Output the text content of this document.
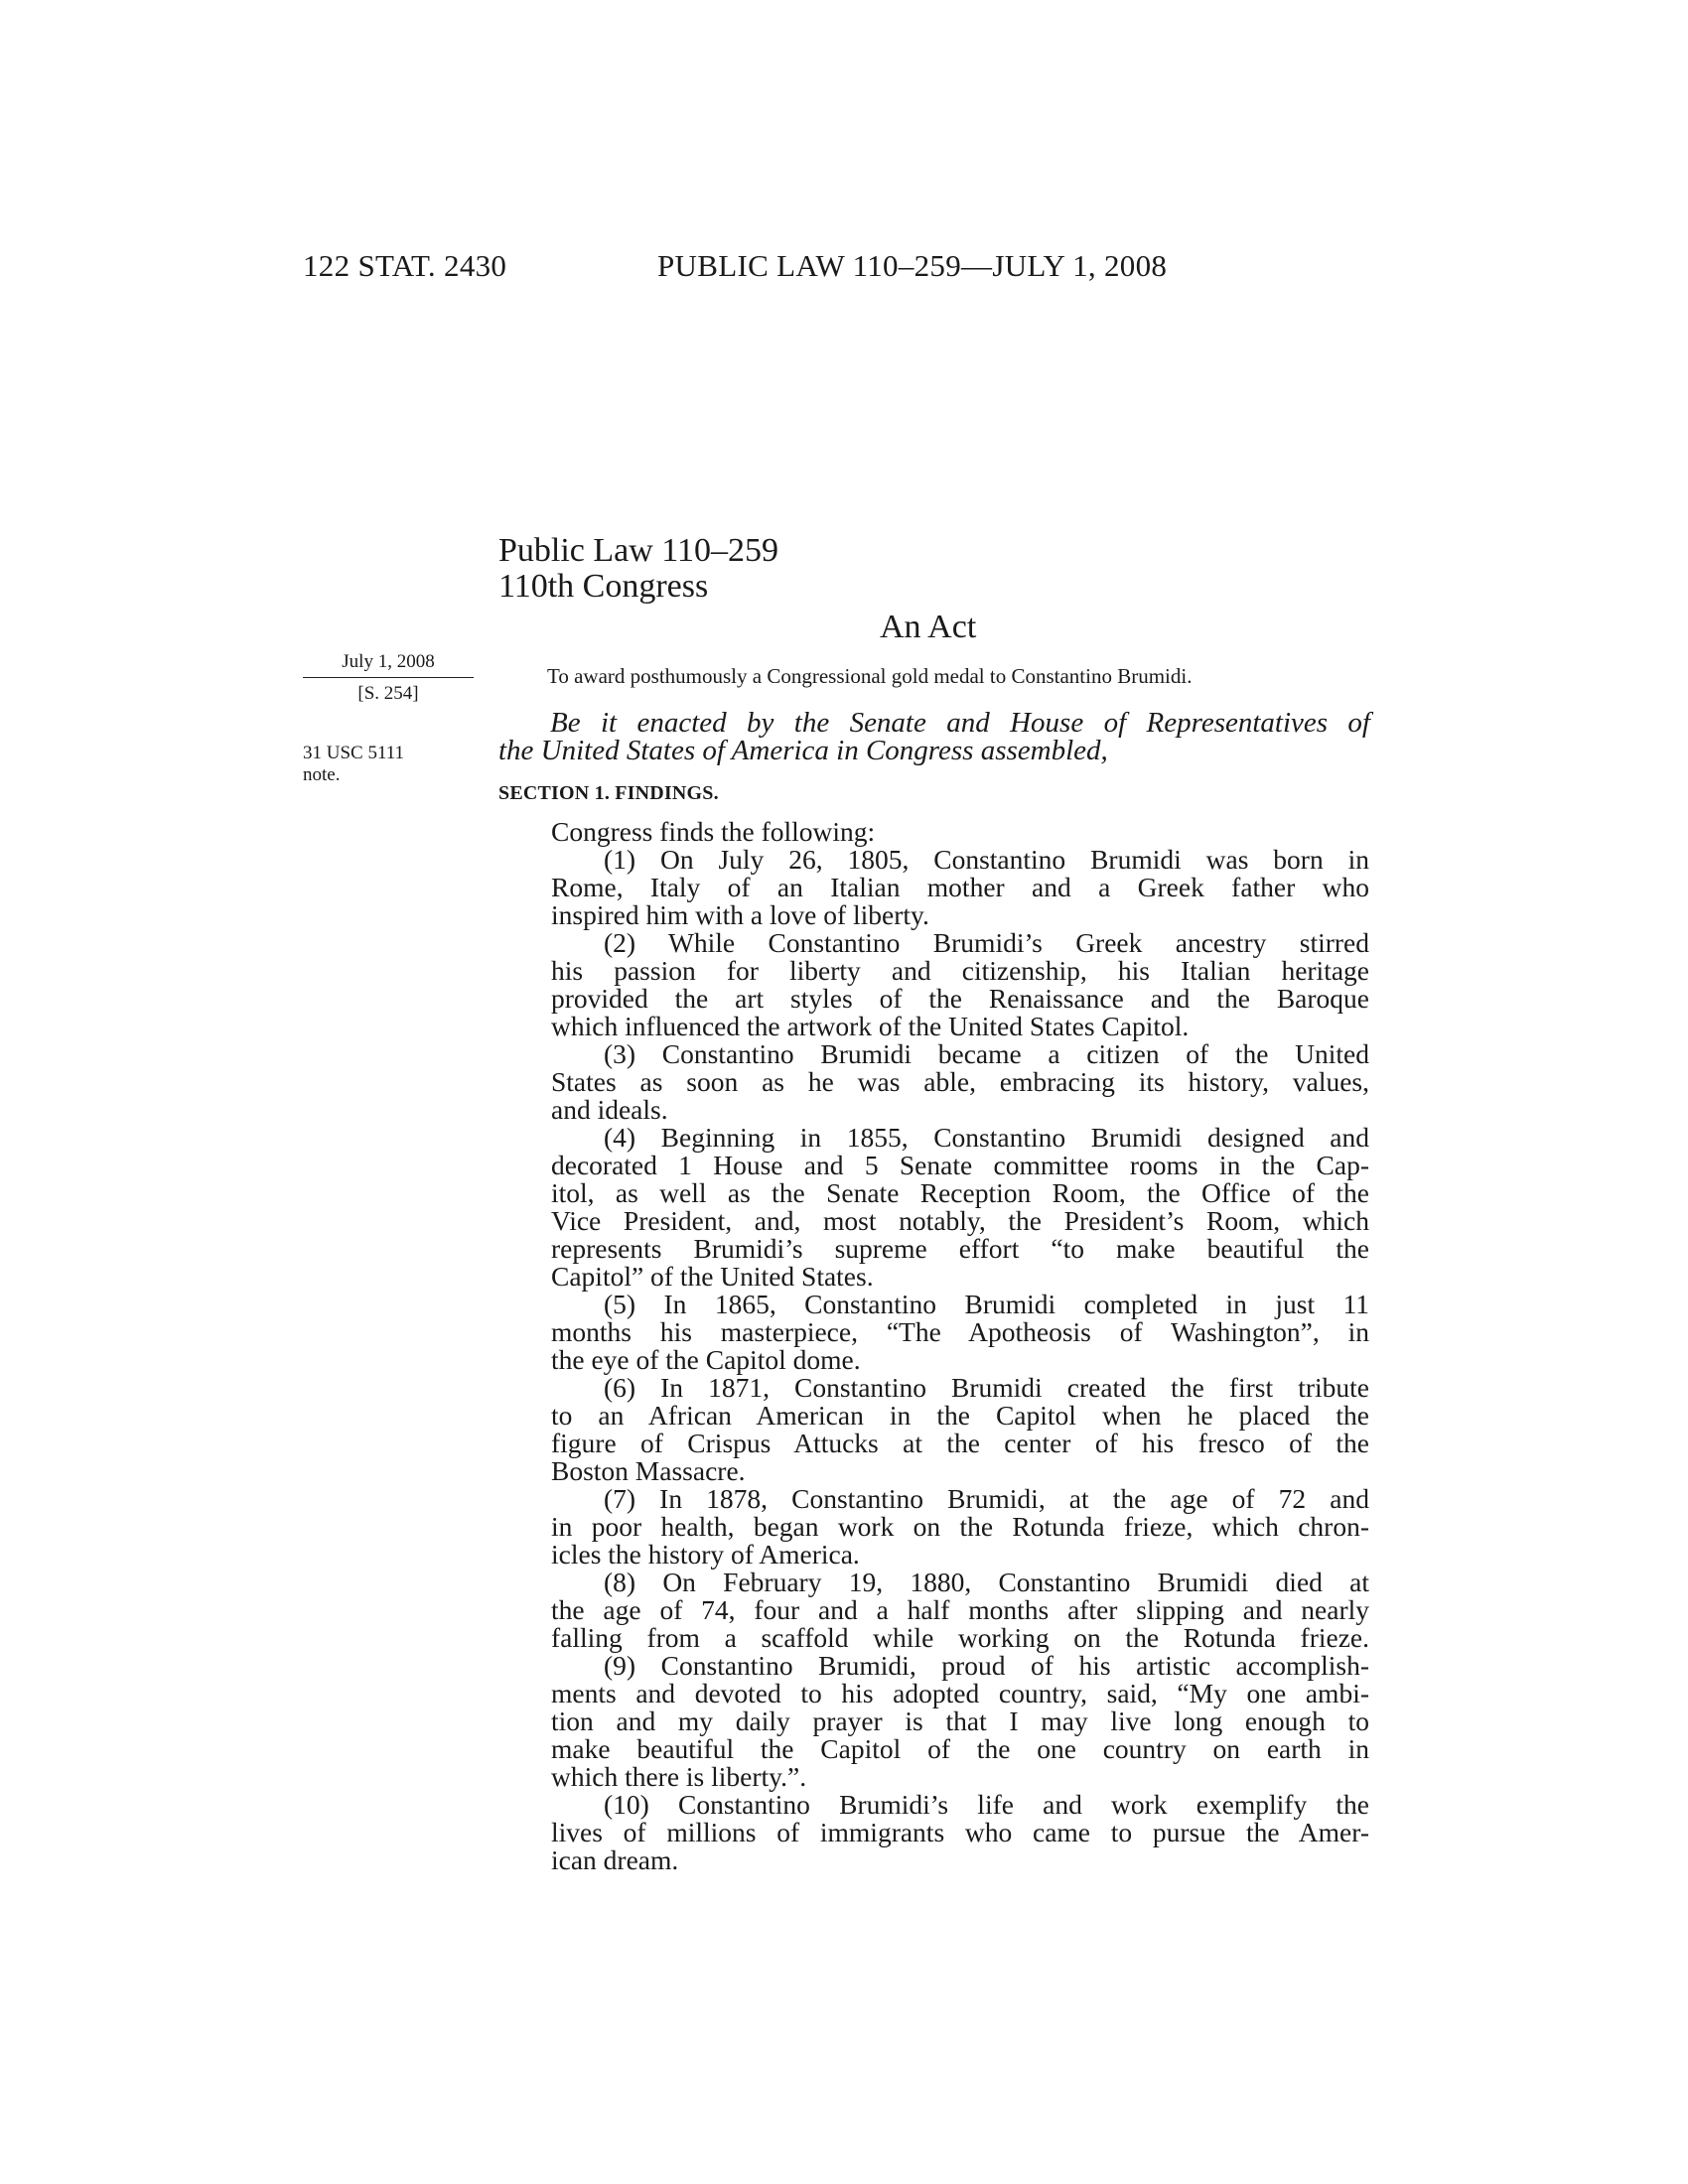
122 STAT. 2430	PUBLIC LAW 110–259—JULY 1, 2008
Public Law 110–259
110th Congress
An Act
July 1, 2008
[S. 254]
31 USC 5111
note.
To award posthumously a Congressional gold medal to Constantino Brumidi.
Be it enacted by the Senate and House of Representatives of
the United States of America in Congress assembled,
SECTION 1. FINDINGS.

Congress finds the following:

(1) On July 26, 1805, Constantino Brumidi was born in
Rome, Italy of an Italian mother and a Greek father who
inspired him with a love of liberty.

(2) While Constantino Brumidi’s Greek ancestry stirred
his passion for liberty and citizenship, his Italian heritage
provided the art styles of the Renaissance and the Baroque
which influenced the artwork of the United States Capitol.

(3) Constantino Brumidi became a citizen of the United
States as soon as he was able, embracing its history, values,
and ideals.

(4) Beginning in 1855, Constantino Brumidi designed and
decorated 1 House and 5 Senate committee rooms in the Cap-
itol, as well as the Senate Reception Room, the Office of the
Vice President, and, most notably, the President’s Room, which
represents Brumidi’s supreme effort “to make beautiful the
Capitol” of the United States.

(5) In 1865, Constantino Brumidi completed in just 11
months his masterpiece, “The Apotheosis of Washington”, in
the eye of the Capitol dome.

(6) In 1871, Constantino Brumidi created the first tribute
to an African American in the Capitol when he placed the
figure of Crispus Attucks at the center of his fresco of the
Boston Massacre.

(7) In 1878, Constantino Brumidi, at the age of 72 and
in poor health, began work on the Rotunda frieze, which chron-
icles the history of America.

(8) On February 19, 1880, Constantino Brumidi died at
the age of 74, four and a half months after slipping and nearly
falling from a scaffold while working on the Rotunda frieze.

(9) Constantino Brumidi, proud of his artistic accomplish-
ments and devoted to his adopted country, said, “My one ambi-
tion and my daily prayer is that I may live long enough to
make beautiful the Capitol of the one country on earth in
which there is liberty.”.

(10) Constantino Brumidi’s life and work exemplify the
lives of millions of immigrants who came to pursue the Amer-
ican dream.
